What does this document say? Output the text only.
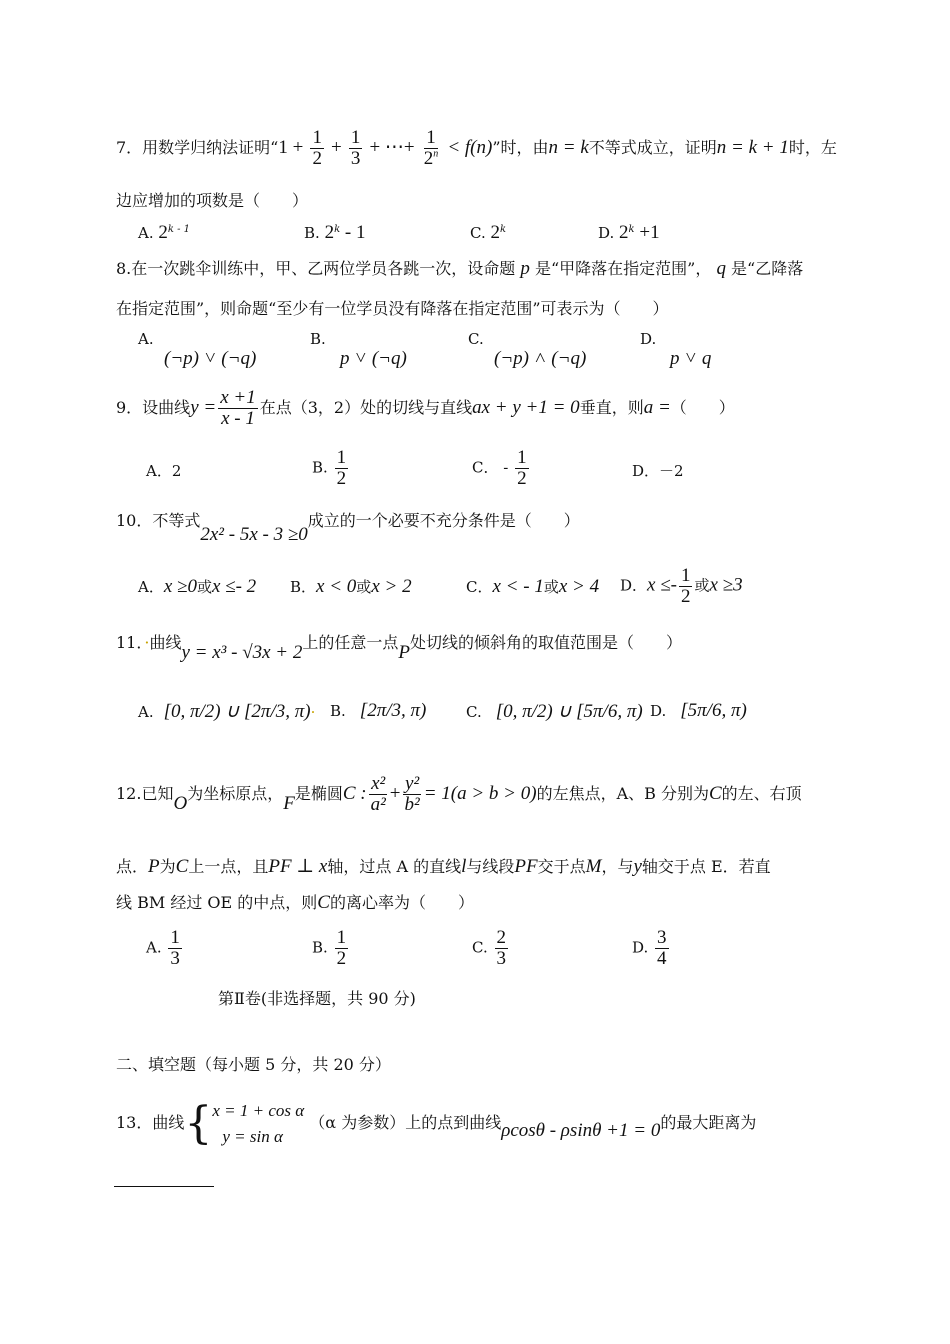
7．用数学归纳法证明“$1 + \frac{1}{2} + \frac{1}{3}$ + ⋯+ $\frac{1}{2^n} < f(n)$”时，由n = k不等式成立，证明n = k + 1时，左
边应增加的项数是（　　）
A. 2$^{k - 1}$	B. 2$^k$ - 1	C. 2$^k$	D. $2^k +1$
8.在一次跳伞训练中，甲、乙两位学员各跳一次，设命题 p 是“甲降落在指定范围”， q 是“乙降落
在指定范围”，则命题“至少有一位学员没有降落在指定范围”可表示为（　　）
A.
(¬p) ˅ (¬q)
B.
p ˅ (¬q)
C.
(¬p) ˄ (¬q)
D.
p ˅ q
9．设曲线$y = \frac{x +1}{x - 1}$ 在点（3，2）处的切线与直线ax + y +1 = 0垂直，则a =（　　）
A．2	B. $\frac{1}{2}$	C． - $\frac{1}{2}$	D．－2
10．不等式2x² - 5x - 3 ≥0成立的一个必要不充分条件是（　　）
A．x ≥0或x ≤- 2 B．x < 0或x > 2	C．x < - 1或x > 4 D．$x \le- \frac{1}{2}$ 或x ≥3
11．·曲线y = x³ - √3x + 2上的任意一点P处切线的倾斜角的取值范围是（　　）
A. [0, π/2) ∪ [2π/3, π)· B. [2π/3, π)	C. [0, π/2) ∪ [5π/6, π) D. [5π/6, π)
12.已知O为坐标原点，F是椭圆C : $\frac{\text{x²}}{\text{a²}} + \frac{\text{y²}}{\text{b²}} = 1(a > b > 0)$的左焦点，A、B 分别为C的左、右顶
点．P为C上一点，且PF ⊥ x轴，过点 A 的直线l与线段PF交于点M，与y轴交于点 E．若直
线 BM 经过 OE 的中点，则C的离心率为（　　）
A. $\frac{1}{3}$	B. $\frac{1}{2}$	C. $\frac{2}{3}$	D. $\frac{3}{4}$
第Ⅱ卷(非选择题，共 90 分)
二、填空题（每小题 5 分，共 20 分）
13．曲线{ x = 1 + cos α
y = sin α
（α 为参数）上的点到曲线ρcosθ - ρsinθ +1 = 0的最大距离为
